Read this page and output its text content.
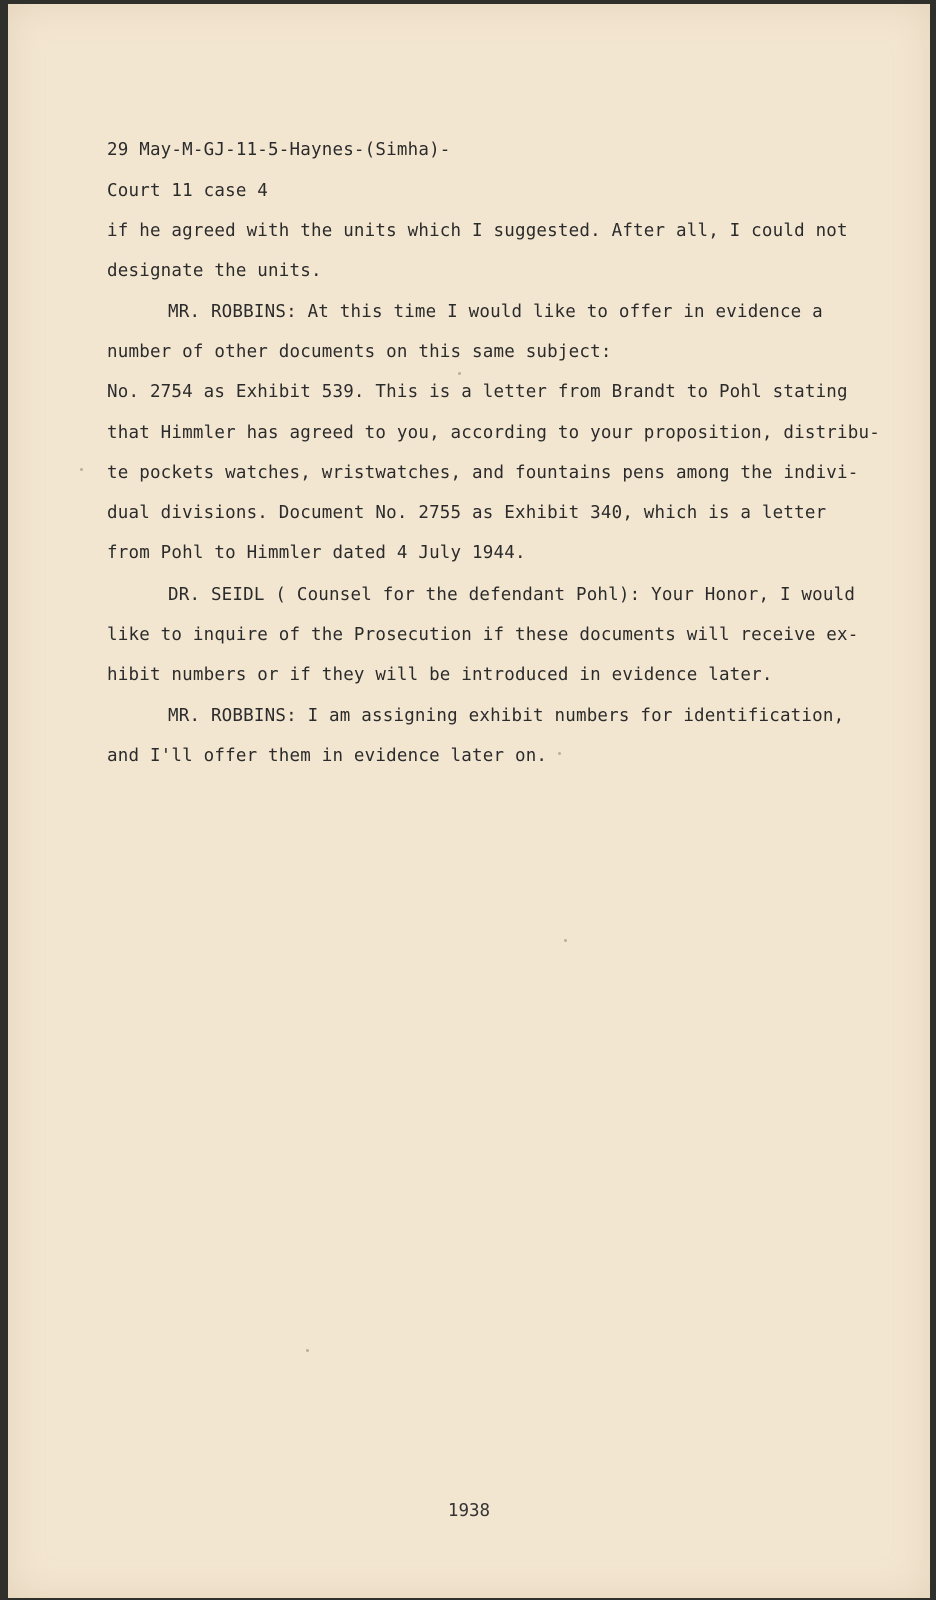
29 May-M-GJ-11-5-Haynes-(Simha)-

Court 11 case 4

if he agreed with the units which I suggested. After all, I could not

designate the units.

MR. ROBBINS: At this time I would like to offer in evidence a

number of other documents on this same subject:

No. 2754 as Exhibit 539. This is a letter from Brandt to Pohl stating

that Himmler has agreed to you, according to your proposition, distribu-

te pockets watches, wristwatches, and fountains pens among the indivi-

dual divisions. Document No. 2755 as Exhibit 340, which is a letter

from Pohl to Himmler dated 4 July 1944.

DR. SEIDL ( Counsel for the defendant Pohl): Your Honor, I would

like to inquire of the Prosecution if these documents will receive ex-

hibit numbers or if they will be introduced in evidence later.

MR. ROBBINS: I am assigning exhibit numbers for identification,

and I'll offer them in evidence later on.

1938
